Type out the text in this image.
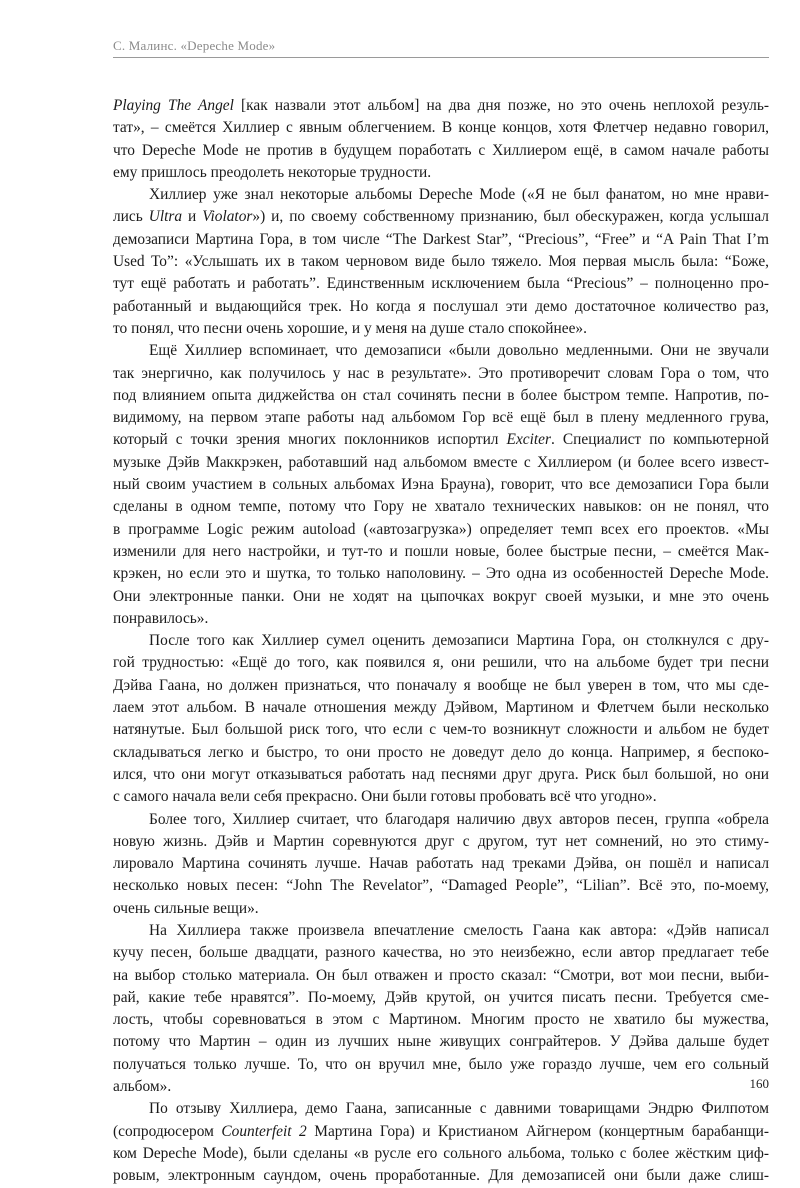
С. Малинс. «Depeche Mode»
Playing The Angel [как назвали этот альбом] на два дня позже, но это очень неплохой резуль-
тат», – смеётся Хиллиер с явным облегчением. В конце концов, хотя Флетчер недавно говорил,
что Depeche Mode не против в будущем поработать с Хиллиером ещё, в самом начале работы
ему пришлось преодолеть некоторые трудности.
Хиллиер уже знал некоторые альбомы Depeche Mode («Я не был фанатом, но мне нрави-
лись Ultra и Violator») и, по своему собственному признанию, был обескуражен, когда услышал
демозаписи Мартина Гора, в том числе “The Darkest Star”, “Precious”, “Free” и “A Pain That I’m
Used To”: «Услышать их в таком черновом виде было тяжело. Моя первая мысль была: “Боже,
тут ещё работать и работать”. Единственным исключением была “Precious” – полноценно про-
работанный и выдающийся трек. Но когда я послушал эти демо достаточное количество раз,
то понял, что песни очень хорошие, и у меня на душе стало спокойнее».
Ещё Хиллиер вспоминает, что демозаписи «были довольно медленными. Они не звучали
так энергично, как получилось у нас в результате». Это противоречит словам Гора о том, что
под влиянием опыта диджейства он стал сочинять песни в более быстром темпе. Напротив, по-
видимому, на первом этапе работы над альбомом Гор всё ещё был в плену медленного грува,
который с точки зрения многих поклонников испортил Exciter. Специалист по компьютерной
музыке Дэйв Маккрэкен, работавший над альбомом вместе с Хиллиером (и более всего извест-
ный своим участием в сольных альбомах Иэна Брауна), говорит, что все демозаписи Гора были
сделаны в одном темпе, потому что Гору не хватало технических навыков: он не понял, что
в программе Logic режим autoload («автозагрузка») определяет темп всех его проектов. «Мы
изменили для него настройки, и тут-то и пошли новые, более быстрые песни, – смеётся Мак-
крэкен, но если это и шутка, то только наполовину. – Это одна из особенностей Depeche Mode.
Они электронные панки. Они не ходят на цыпочках вокруг своей музыки, и мне это очень
понравилось».
После того как Хиллиер сумел оценить демозаписи Мартина Гора, он столкнулся с дру-
гой трудностью: «Ещё до того, как появился я, они решили, что на альбоме будет три песни
Дэйва Гаана, но должен признаться, что поначалу я вообще не был уверен в том, что мы сде-
лаем этот альбом. В начале отношения между Дэйвом, Мартином и Флетчем были несколько
натянутые. Был большой риск того, что если с чем-то возникнут сложности и альбом не будет
складываться легко и быстро, то они просто не доведут дело до конца. Например, я беспоко-
ился, что они могут отказываться работать над песнями друг друга. Риск был большой, но они
с самого начала вели себя прекрасно. Они были готовы пробовать всё что угодно».
Более того, Хиллиер считает, что благодаря наличию двух авторов песен, группа «обрела
новую жизнь. Дэйв и Мартин соревнуются друг с другом, тут нет сомнений, но это стиму-
лировало Мартина сочинять лучше. Начав работать над треками Дэйва, он пошёл и написал
несколько новых песен: “John The Revelator”, “Damaged People”, “Lilian”. Всё это, по-моему,
очень сильные вещи».
На Хиллиера также произвела впечатление смелость Гаана как автора: «Дэйв написал
кучу песен, больше двадцати, разного качества, но это неизбежно, если автор предлагает тебе
на выбор столько материала. Он был отважен и просто сказал: “Смотри, вот мои песни, выби-
рай, какие тебе нравятся”. По-моему, Дэйв крутой, он учится писать песни. Требуется сме-
лость, чтобы соревноваться в этом с Мартином. Многим просто не хватило бы мужества,
потому что Мартин – один из лучших ныне живущих сонграйтеров. У Дэйва дальше будет
получаться только лучше. То, что он вручил мне, было уже гораздо лучше, чем его сольный
альбом».
По отзыву Хиллиера, демо Гаана, записанные с давними товарищами Эндрю Филпотом
(сопродюсером Counterfeit 2 Мартина Гора) и Кристианом Айгнером (концертным барабанщи-
ком Depeche Mode), были сделаны «в русле его сольного альбома, только с более жёстким циф-
ровым, электронным саундом, очень проработанные. Для демозаписей они были даже слиш-
160
